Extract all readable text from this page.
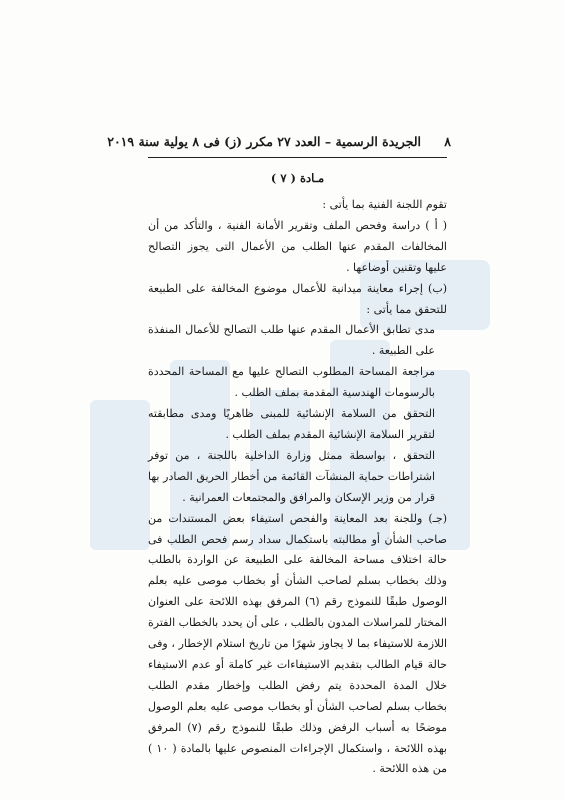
٨
الجريدة الرسمية – العدد ٢٧ مكرر (ز) فى ٨ يولية سنة ٢٠١٩
مـادة ( ٧ )

تقوم اللجنة الفنية بما يأتى :

( أ ) دراسة وفحص الملف وتقرير الأمانة الفنية ، والتأكد من أن المخالفات المقدم عنها الطلب من الأعمال التى يجوز التصالح عليها وتقنين أوضاعها .

(ب) إجراء معاينة ميدانية للأعمال موضوع المخالفة على الطبيعة للتحقق مما يأتى :

مدى تطابق الأعمال المقدم عنها طلب التصالح للأعمال المنفذة على الطبيعة .

مراجعة المساحة المطلوب التصالح عليها مع المساحة المحددة بالرسومات الهندسية المقدمة بملف الطلب .

التحقق من السلامة الإنشائية للمبنى ظاهريًا ومدى مطابقته لتقرير السلامة الإنشائية المقدم بملف الطلب .

التحقق ، بواسطة ممثل وزارة الداخلية باللجنة ، من توفر اشتراطات حماية المنشآت القائمة من أخطار الحريق الصادر بها قرار من وزير الإسكان والمرافق والمجتمعات العمرانية .

(جـ) وللجنة بعد المعاينة والفحص استيفاء بعض المستندات من صاحب الشأن أو مطالبته باستكمال سداد رسم فحص الطلب فى حالة اختلاف مساحة المخالفة على الطبيعة عن الواردة بالطلب وذلك بخطاب بسلم لصاحب الشأن أو بخطاب موصى عليه بعلم الوصول طبقًا للنموذج رقم (٦) المرفق بهذه اللائحة على العنوان المختار للمراسلات المدون بالطلب ، على أن يحدد بالخطاب الفترة اللازمة للاستيفاء بما لا يجاوز شهرًا من تاريخ استلام الإخطار ، وفى حالة قيام الطالب بتقديم الاستيفاءات غير كاملة أو عدم الاستيفاء خلال المدة المحددة يتم رفض الطلب وإخطار مقدم الطلب بخطاب بسلم لصاحب الشأن أو بخطاب موصى عليه بعلم الوصول موضحًا به أسباب الرفض وذلك طبقًا للنموذج رقم (٧) المرفق بهذه اللائحة ، واستكمال الإجراءات المنصوص عليها بالمادة ( ١٠ ) من هذه اللائحة .
